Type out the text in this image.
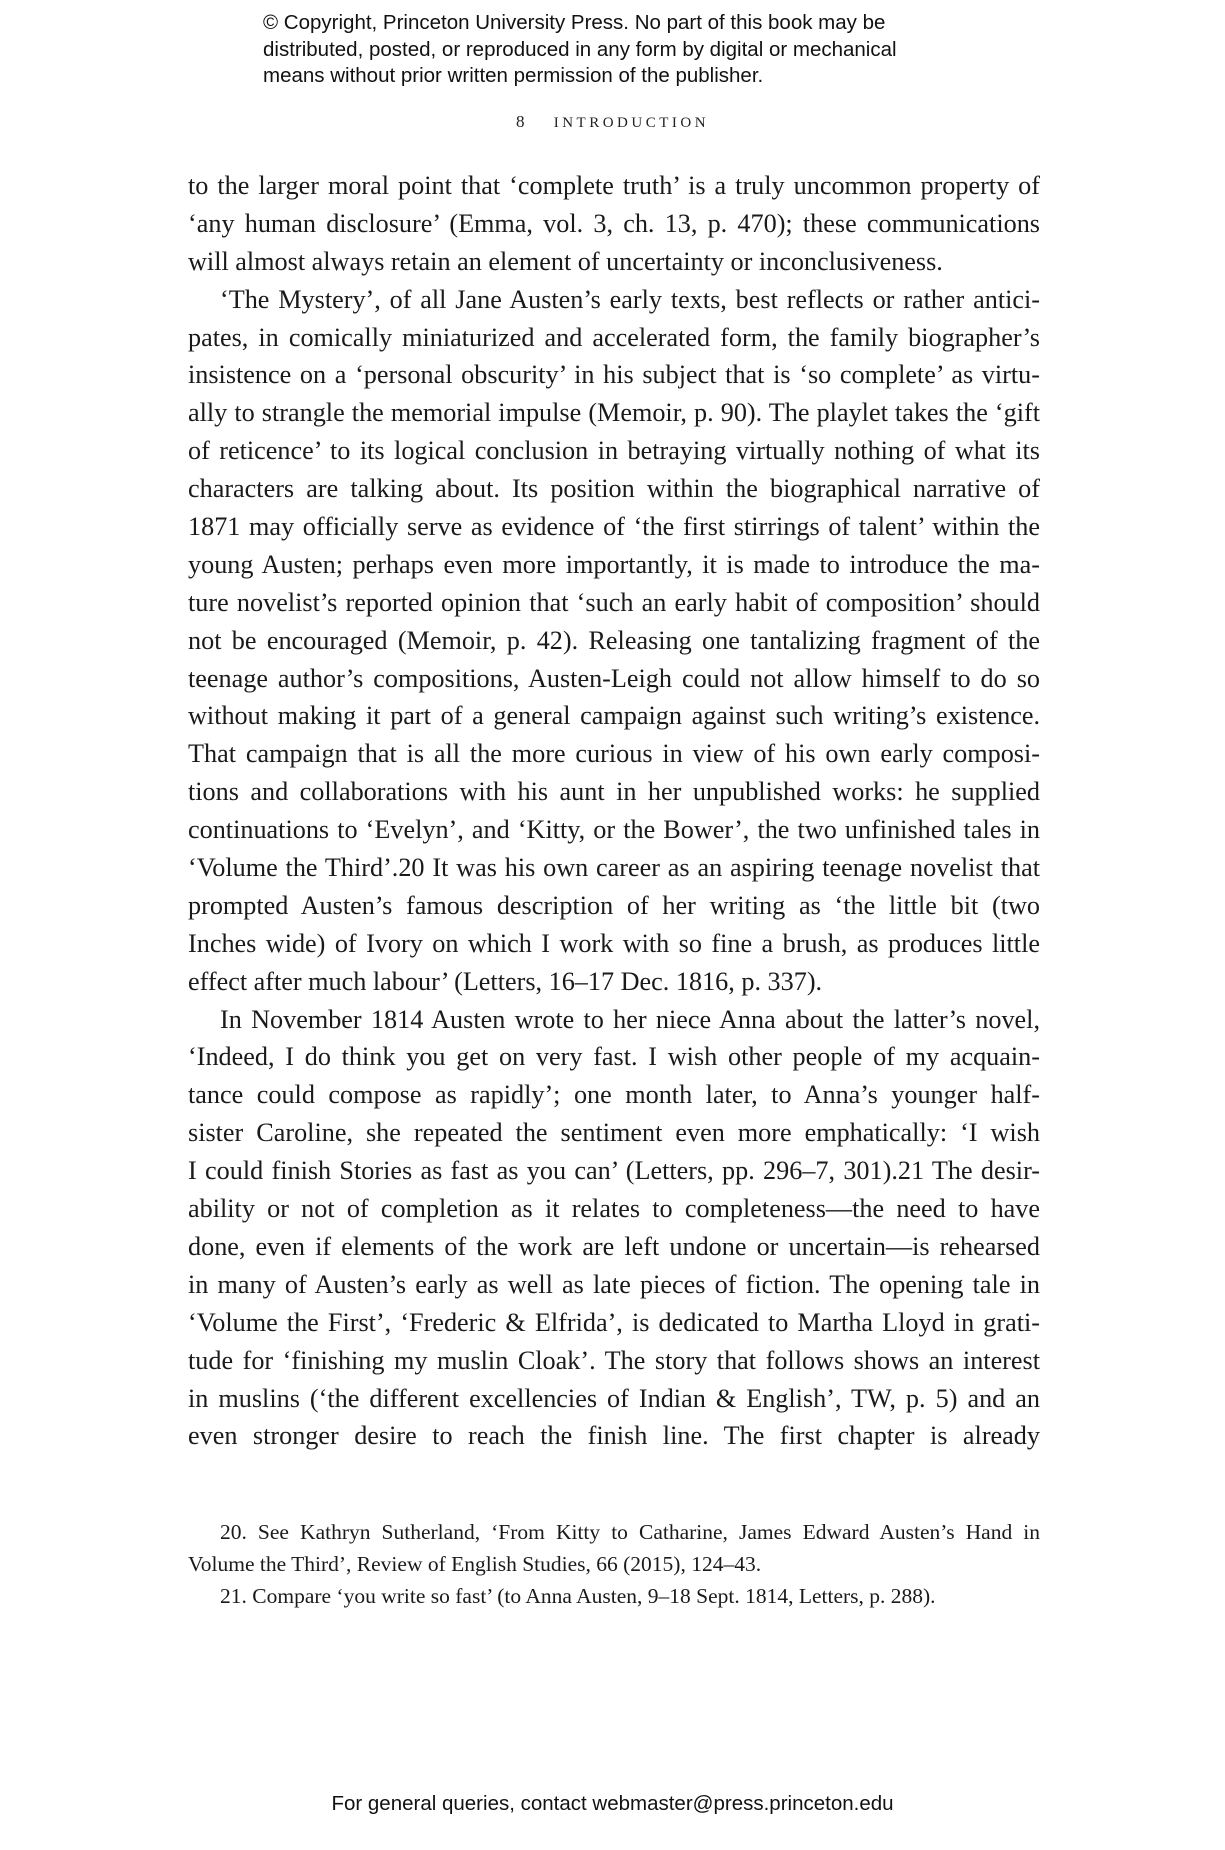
© Copyright, Princeton University Press. No part of this book may be
distributed, posted, or reproduced in any form by digital or mechanical
means without prior written permission of the publisher.
8 INTRODUCTION
to the larger moral point that ‘complete truth’ is a truly uncommon property of
‘any human disclosure’ (Emma, vol. 3, ch. 13, p. 470); these communications
will almost always retain an element of uncertainty or inconclusiveness.
‘The Mystery’, of all Jane Austen’s early texts, best reflects or rather antici-
pates, in comically miniaturized and accelerated form, the family biographer’s
insistence on a ‘personal obscurity’ in his subject that is ‘so complete’ as virtu-
ally to strangle the memorial impulse (Memoir, p. 90). The playlet takes the ‘gift
of reticence’ to its logical conclusion in betraying virtually nothing of what its
characters are talking about. Its position within the biographical narrative of
1871 may officially serve as evidence of ‘the first stirrings of talent’ within the
young Austen; perhaps even more importantly, it is made to introduce the ma-
ture novelist’s reported opinion that ‘such an early habit of composition’ should
not be encouraged (Memoir, p. 42). Releasing one tantalizing fragment of the
teenage author’s compositions, Austen-Leigh could not allow himself to do so
without making it part of a general campaign against such writing’s existence.
That campaign that is all the more curious in view of his own early composi-
tions and collaborations with his aunt in her unpublished works: he supplied
continuations to ‘Evelyn’, and ‘Kitty, or the Bower’, the two unfinished tales in
‘Volume the Third’.20 It was his own career as an aspiring teenage novelist that
prompted Austen’s famous description of her writing as ‘the little bit (two
Inches wide) of Ivory on which I work with so fine a brush, as produces little
effect after much labour’ (Letters, 16–17 Dec. 1816, p. 337).
In November 1814 Austen wrote to her niece Anna about the latter’s novel,
‘Indeed, I do think you get on very fast. I wish other people of my acquain-
tance could compose as rapidly’; one month later, to Anna’s younger half-
sister Caroline, she repeated the sentiment even more emphatically: ‘I wish
I could finish Stories as fast as you can’ (Letters, pp. 296–7, 301).21 The desir-
ability or not of completion as it relates to completeness—the need to have
done, even if elements of the work are left undone or uncertain—is rehearsed
in many of Austen’s early as well as late pieces of fiction. The opening tale in
‘Volume the First’, ‘Frederic & Elfrida’, is dedicated to Martha Lloyd in grati-
tude for ‘finishing my muslin Cloak’. The story that follows shows an interest
in muslins (‘the different excellencies of Indian & English’, TW, p. 5) and an
even stronger desire to reach the finish line. The first chapter is already
20. See Kathryn Sutherland, ‘From Kitty to Catharine, James Edward Austen’s Hand in
Volume the Third’, Review of English Studies, 66 (2015), 124–43.
21. Compare ‘you write so fast’ (to Anna Austen, 9–18 Sept. 1814, Letters, p. 288).
For general queries, contact webmaster@press.princeton.edu
